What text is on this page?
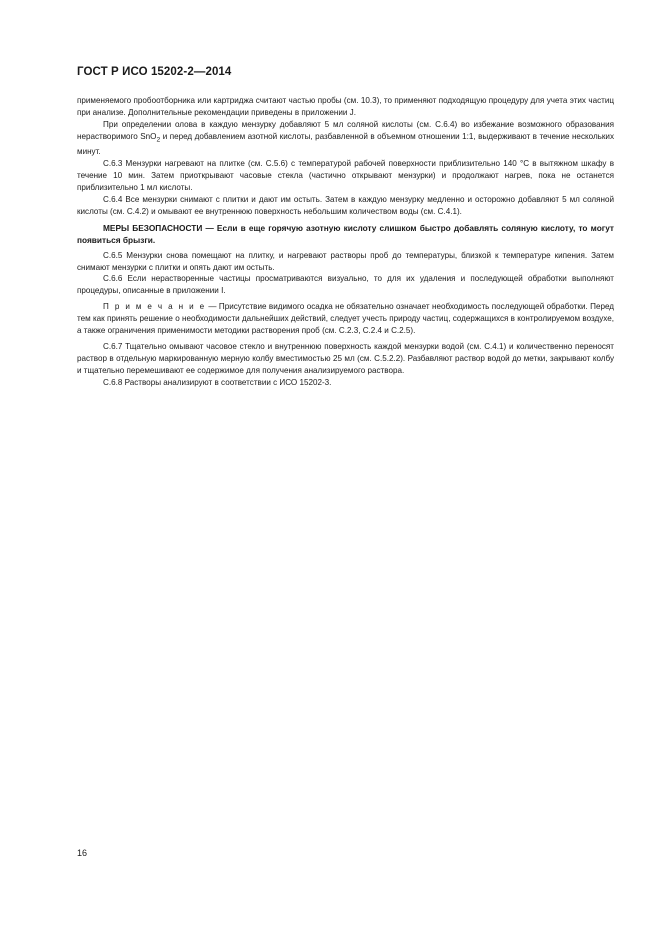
ГОСТ Р ИСО 15202-2—2014

применяемого пробоотборника или картриджа считают частью пробы (см. 10.3), то применяют подходящую процедуру для учета этих частиц при анализе. Дополнительные рекомендации приведены в приложении J.

При определении олова в каждую мензурку добавляют 5 мл соляной кислоты (см. С.6.4) во избежание возможного образования нерастворимого SnO$_2$ и перед добавлением азотной кислоты, разбавленной в объемном отношении 1:1, выдерживают в течение нескольких минут.

С.6.3 Мензурки нагревают на плитке (см. С.5.6) с температурой рабочей поверхности приблизительно 140 °С в вытяжном шкафу в течение 10 мин. Затем приоткрывают часовые стекла (частично открывают мензурки) и продолжают нагрев, пока не останется приблизительно 1 мл кислоты.

С.6.4 Все мензурки снимают с плитки и дают им остыть. Затем в каждую мензурку медленно и осторожно добавляют 5 мл соляной кислоты (см. С.4.2) и омывают ее внутреннюю поверхность небольшим количеством воды (см. С.4.1).

МЕРЫ БЕЗОПАСНОСТИ — Если в еще горячую азотную кислоту слишком быстро добавлять соляную кислоту, то могут появиться брызги.

С.6.5 Мензурки снова помещают на плитку, и нагревают растворы проб до температуры, близкой к температуре кипения. Затем снимают мензурки с плитки и опять дают им остыть.

С.6.6 Если нерастворенные частицы просматриваются визуально, то для их удаления и последующей обработки выполняют процедуры, описанные в приложении I.

П р и м е ч а н и е — Присутствие видимого осадка не обязательно означает необходимость последующей обработки. Перед тем как принять решение о необходимости дальнейших действий, следует учесть природу частиц, содержащихся в контролируемом воздухе, а также ограничения применимости методики растворения проб (см. С.2.3, С.2.4 и С.2.5).

С.6.7 Тщательно омывают часовое стекло и внутреннюю поверхность каждой мензурки водой (см. С.4.1) и количественно переносят раствор в отдельную маркированную мерную колбу вместимостью 25 мл (см. С.5.2.2). Разбавляют раствор водой до метки, закрывают колбу и тщательно перемешивают ее содержимое для получения анализируемого раствора.

С.6.8 Растворы анализируют в соответствии с ИСО 15202-3.

16
